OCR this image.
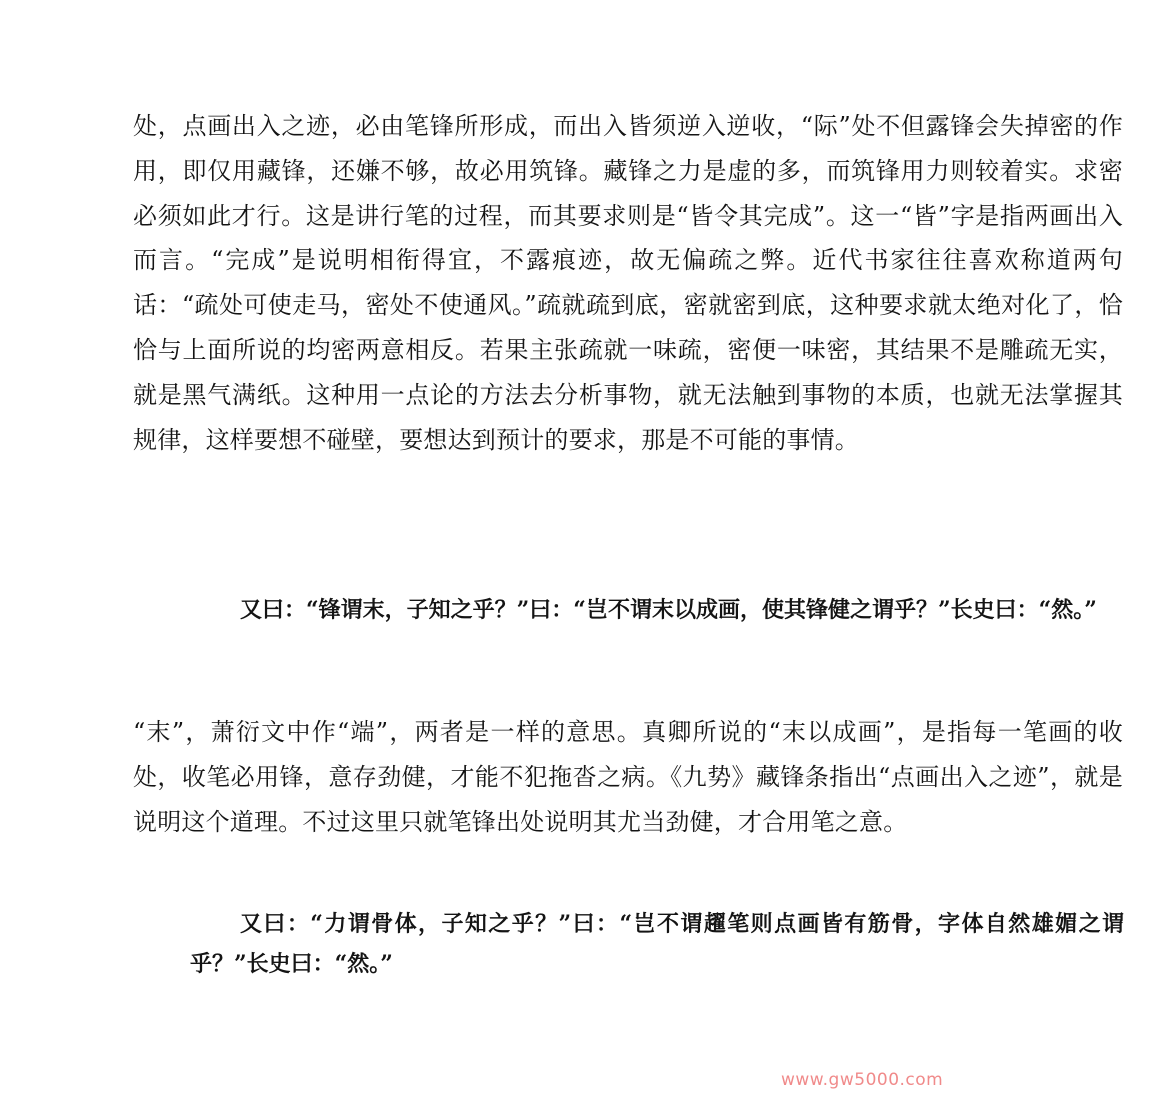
处，点画出入之迹，必由笔锋所形成，而出入皆须逆入逆收，“际”处不但露锋会失掉密的作用，即仅用藏锋，还嫌不够，故必用筑锋。藏锋之力是虚的多，而筑锋用力则较着实。求密必须如此才行。这是讲行笔的过程，而其要求则是“皆令其完成”。这一“皆”字是指两画出入而言。“完成”是说明相衔得宜，不露痕迹，故无偏疏之弊。近代书家往往喜欢称道两句话：“疏处可使走马，密处不使通风。”疏就疏到底，密就密到底，这种要求就太绝对化了，恰恰与上面所说的均密两意相反。若果主张疏就一味疏，密便一味密，其结果不是雕疏无实，就是黑气满纸。这种用一点论的方法去分析事物，就无法触到事物的本质，也就无法掌握其规律，这样要想不碰壁，要想达到预计的要求，那是不可能的事情。

又曰：“锋谓末，子知之乎？”曰：“岂不谓末以成画，使其锋健之谓乎？”长史曰：“然。”

“末”，萧衍文中作“端”，两者是一样的意思。真卿所说的“末以成画”，是指每一笔画的收处，收笔必用锋，意存劲健，才能不犯拖沓之病。《九势》藏锋条指出“点画出入之迹”，就是说明这个道理。不过这里只就笔锋出处说明其尤当劲健，才合用笔之意。

又曰：“力谓骨体，子知之乎？”曰：“岂不谓趯笔则点画皆有筋骨，字体自然雄媚之谓乎？”长史曰：“然。”

www.gw5000.com
